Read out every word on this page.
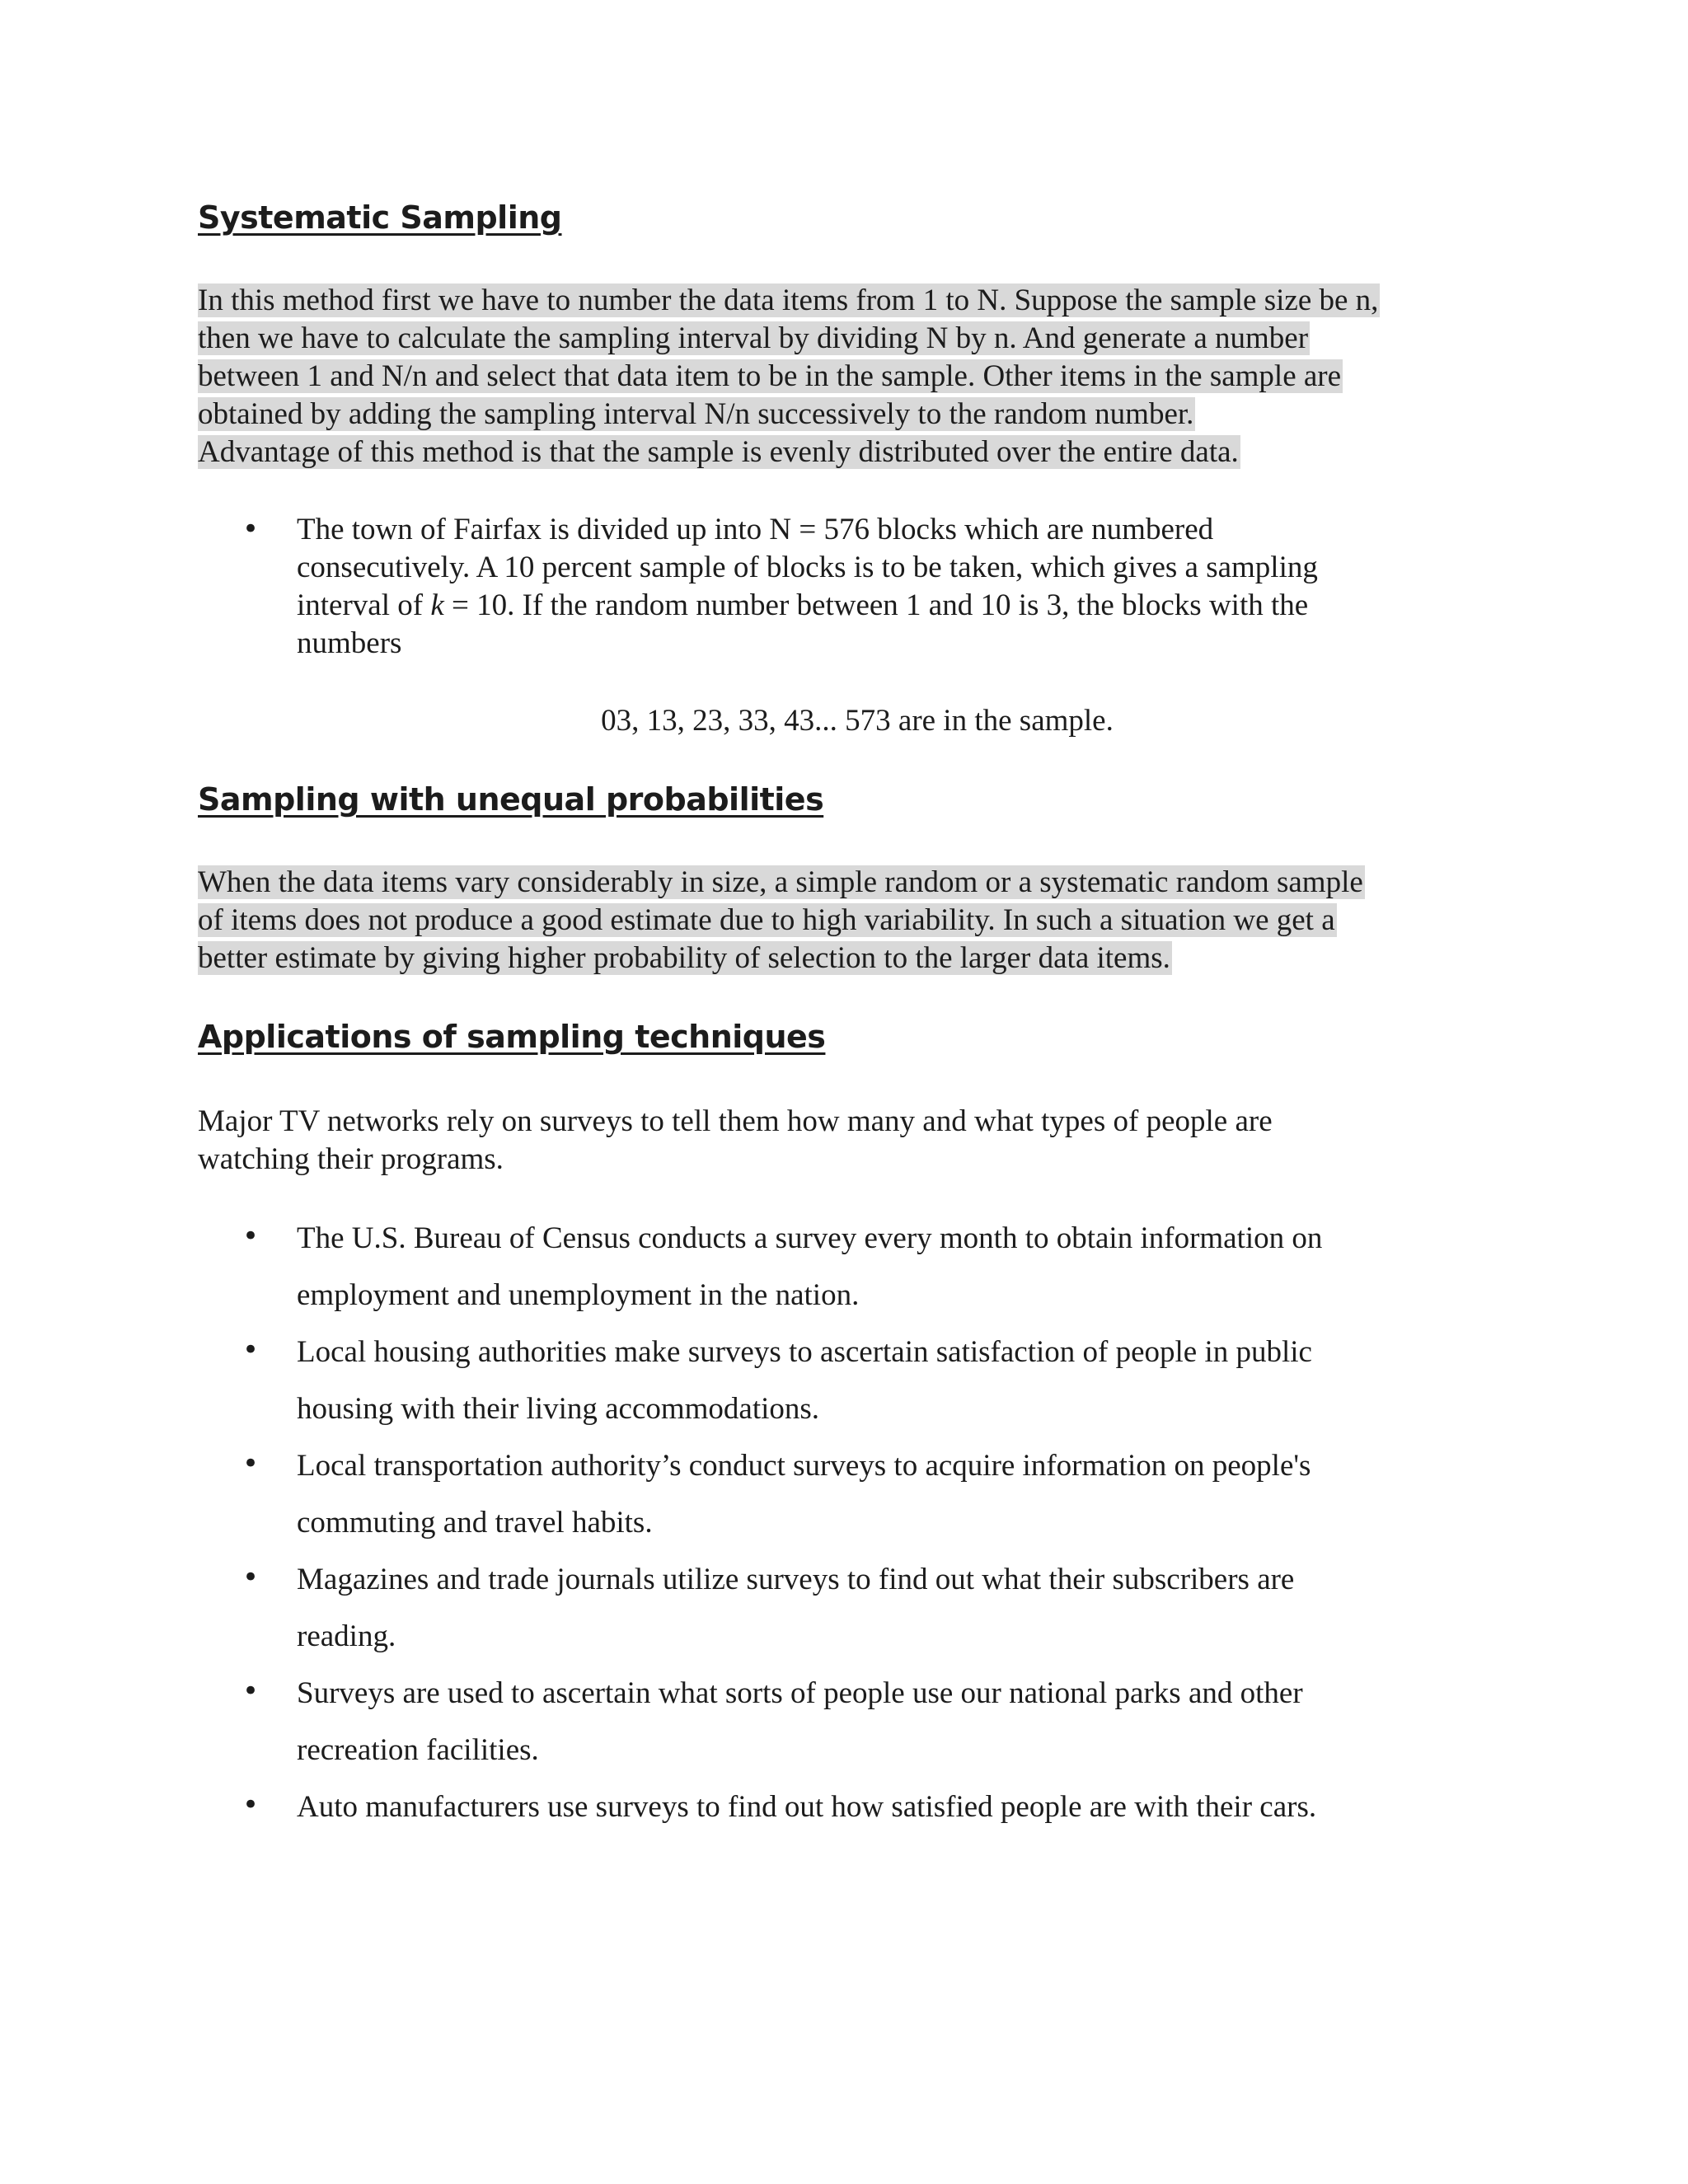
Systematic Sampling
In this method first we have to number the data items from 1 to N. Suppose the sample size be n,
then we have to calculate the sampling interval by dividing N by n. And generate a number
between 1 and N/n and select that data item to be in the sample. Other items in the sample are
obtained by adding the sampling interval N/n successively to the random number.
Advantage of this method is that the sample is evenly distributed over the entire data.
• The town of Fairfax is divided up into N = 576 blocks which are numbered
consecutively. A 10 percent sample of blocks is to be taken, which gives a sampling
interval of k = 10. If the random number between 1 and 10 is 3, the blocks with the
numbers

03, 13, 23, 33, 43... 573 are in the sample.

Sampling with unequal probabilities
When the data items vary considerably in size, a simple random or a systematic random sample
of items does not produce a good estimate due to high variability. In such a situation we get a
better estimate by giving higher probability of selection to the larger data items.
Applications of sampling techniques

Major TV networks rely on surveys to tell them how many and what types of people are
watching their programs.

• The U.S. Bureau of Census conducts a survey every month to obtain information on
employment and unemployment in the nation.

• Local housing authorities make surveys to ascertain satisfaction of people in public
housing with their living accommodations.

• Local transportation authority’s conduct surveys to acquire information on people's
commuting and travel habits.

• Magazines and trade journals utilize surveys to find out what their subscribers are
reading.

• Surveys are used to ascertain what sorts of people use our national parks and other
recreation facilities.

• Auto manufacturers use surveys to find out how satisfied people are with their cars.
